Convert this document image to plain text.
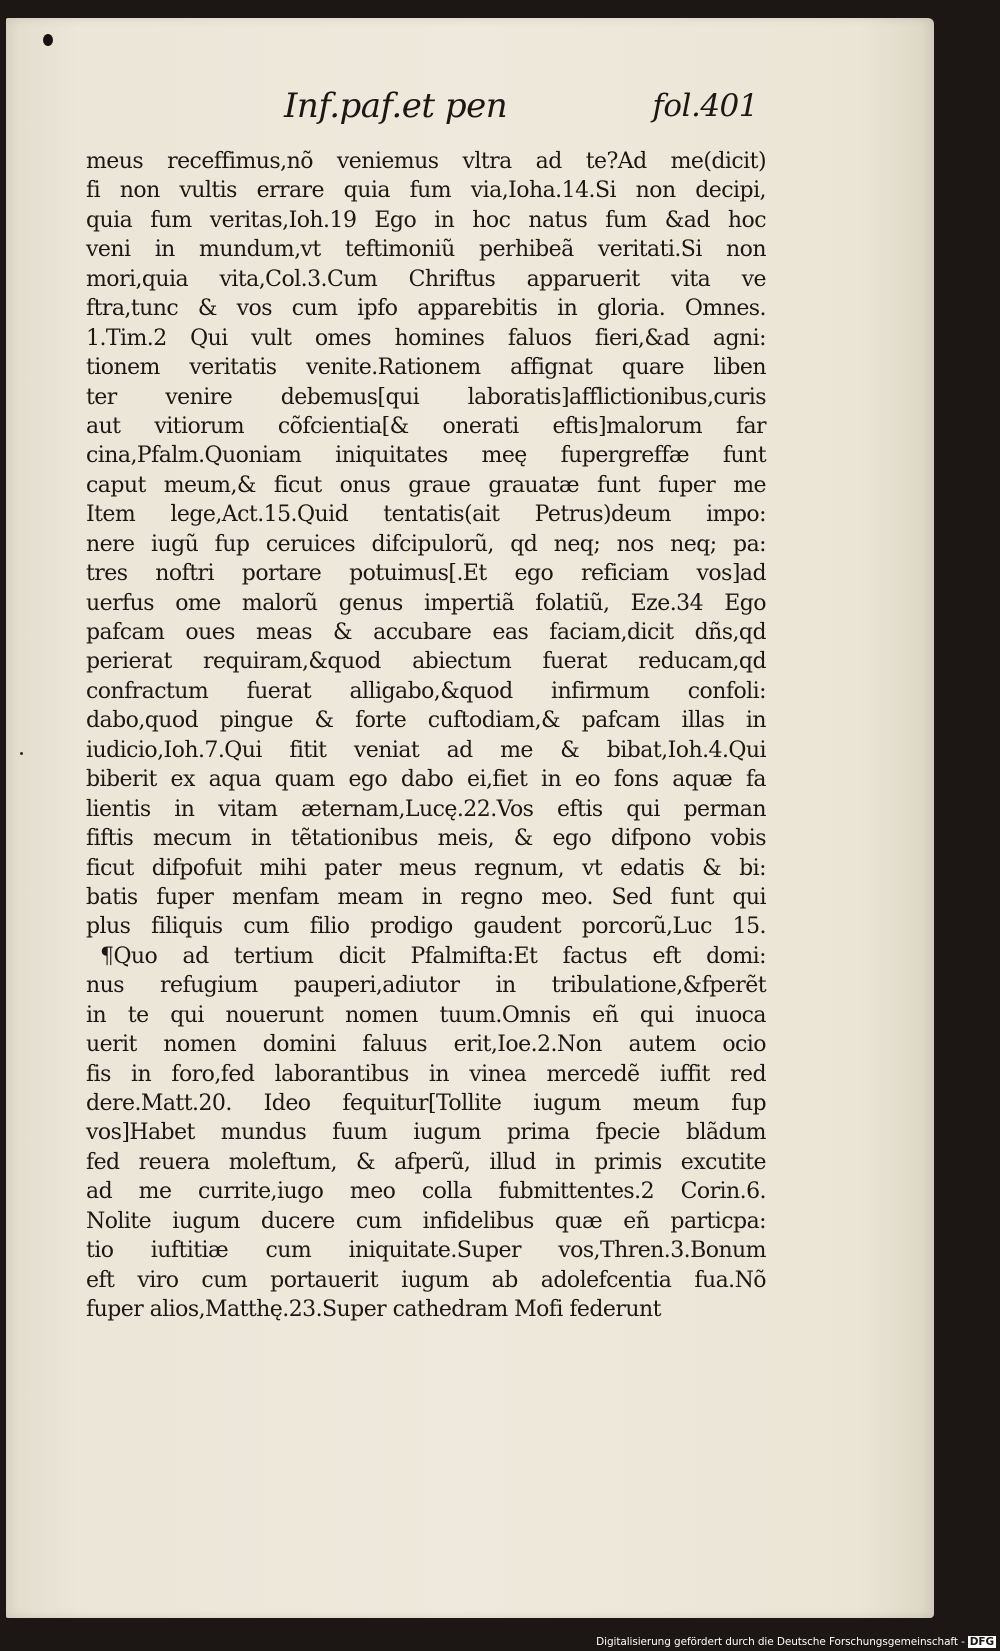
Inf.paf.et pen	fol.401
meus receffimus,nõ veniemus vltra ad te?Ad me(dicit)
fi non vultis errare quia fum via,Ioha.14.Si non decipi,
quia fum veritas,Ioh.19 Ego in hoc natus fum &ad hoc
veni in mundum,vt teftimoniũ perhibeã veritati.Si non
mori,quia vita,Col.3.Cum Chriftus apparuerit vita ve
ftra,tunc & vos cum ipfo apparebitis in gloria. Omnes.
1.Tim.2 Qui vult omes homines faluos fieri,&ad agni:
tionem veritatis venite.Rationem affignat quare liben
ter venire debemus[qui laboratis]afflictionibus,curis
aut vitiorum cõfcientia[& onerati eftis]malorum far
cina,Pfalm.Quoniam iniquitates meę fupergreffæ funt
caput meum,& ficut onus graue grauatæ funt fuper me
Item lege,Act.15.Quid tentatis(ait Petrus)deum impo:
nere iugũ fup ceruices difcipulorũ, qd neq; nos neq; pa:
tres noftri portare potuimus[.Et ego reficiam vos]ad
uerfus ome malorũ genus impertiã folatiũ, Eze.34 Ego
pafcam oues meas & accubare eas faciam,dicit dñs,qd
perierat requiram,&quod abiectum fuerat reducam,qd
confractum fuerat alligabo,&quod infirmum confoli:
dabo,quod pingue & forte cuftodiam,& pafcam illas in
iudicio,Ioh.7.Qui fitit veniat ad me & bibat,Ioh.4.Qui
biberit ex aqua quam ego dabo ei,fiet in eo fons aquæ fa
lientis in vitam æternam,Lucę.22.Vos eftis qui perman
fiftis mecum in tẽtationibus meis, & ego difpono vobis
ficut difpofuit mihi pater meus regnum, vt edatis & bi:
batis fuper menfam meam in regno meo. Sed funt qui
plus filiquis cum filio prodigo gaudent porcorũ,Luc 15.
¶Quo ad tertium dicit Pfalmifta:Et factus eft domi:
nus refugium pauperi,adiutor in tribulatione,&fperẽt
in te qui nouerunt nomen tuum.Omnis eñ qui inuoca
uerit nomen domini faluus erit,Ioe.2.Non autem ocio
fis in foro,fed laborantibus in vinea mercedẽ iuffit red
dere.Matt.20. Ideo fequitur[Tollite iugum meum fup
vos]Habet mundus fuum iugum prima fpecie blãdum
fed reuera moleftum, & afperũ, illud in primis excutite
ad me currite,iugo meo colla fubmittentes.2 Corin.6.
Nolite iugum ducere cum infidelibus quæ eñ particpa:
tio iuftitiæ cum iniquitate.Super vos,Thren.3.Bonum
eft viro cum portauerit iugum ab adolefcentia fua.Nõ
fuper alios,Matthę.23.Super cathedram Mofi federunt
Digitalisierung gefördert durch die Deutsche Forschungsgemeinschaft - DFG
